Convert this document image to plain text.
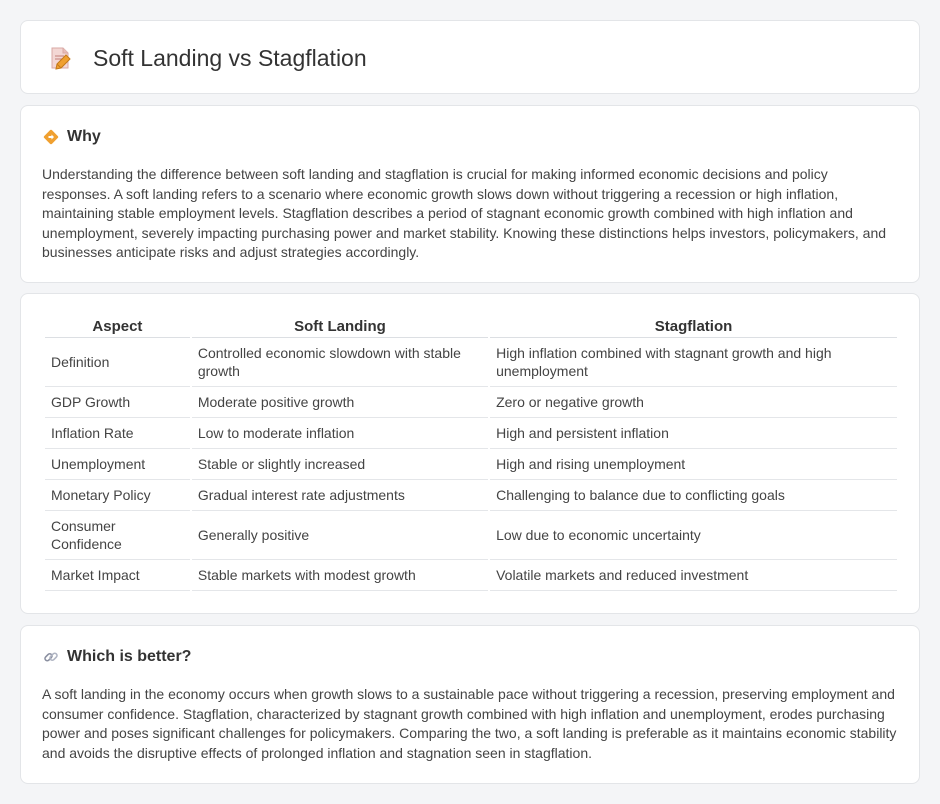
Soft Landing vs Stagflation
Why

Understanding the difference between soft landing and stagflation is crucial for making informed economic decisions and policy responses. A soft landing refers to a scenario where economic growth slows down without triggering a recession or high inflation, maintaining stable employment levels. Stagflation describes a period of stagnant economic growth combined with high inflation and unemployment, severely impacting purchasing power and market stability. Knowing these distinctions helps investors, policymakers, and businesses anticipate risks and adjust strategies accordingly.

Aspect	Soft Landing	Stagflation
Definition	Controlled economic slowdown with stable growth	High inflation combined with stagnant growth and high unemployment
GDP Growth	Moderate positive growth	Zero or negative growth
Inflation Rate	Low to moderate inflation	High and persistent inflation
Unemployment	Stable or slightly increased	High and rising unemployment
Monetary Policy	Gradual interest rate adjustments	Challenging to balance due to conflicting goals
Consumer Confidence	Generally positive	Low due to economic uncertainty
Market Impact	Stable markets with modest growth	Volatile markets and reduced investment
Which is better?

A soft landing in the economy occurs when growth slows to a sustainable pace without triggering a recession, preserving employment and consumer confidence. Stagflation, characterized by stagnant growth combined with high inflation and unemployment, erodes purchasing power and poses significant challenges for policymakers. Comparing the two, a soft landing is preferable as it maintains economic stability and avoids the disruptive effects of prolonged inflation and stagnation seen in stagflation.
